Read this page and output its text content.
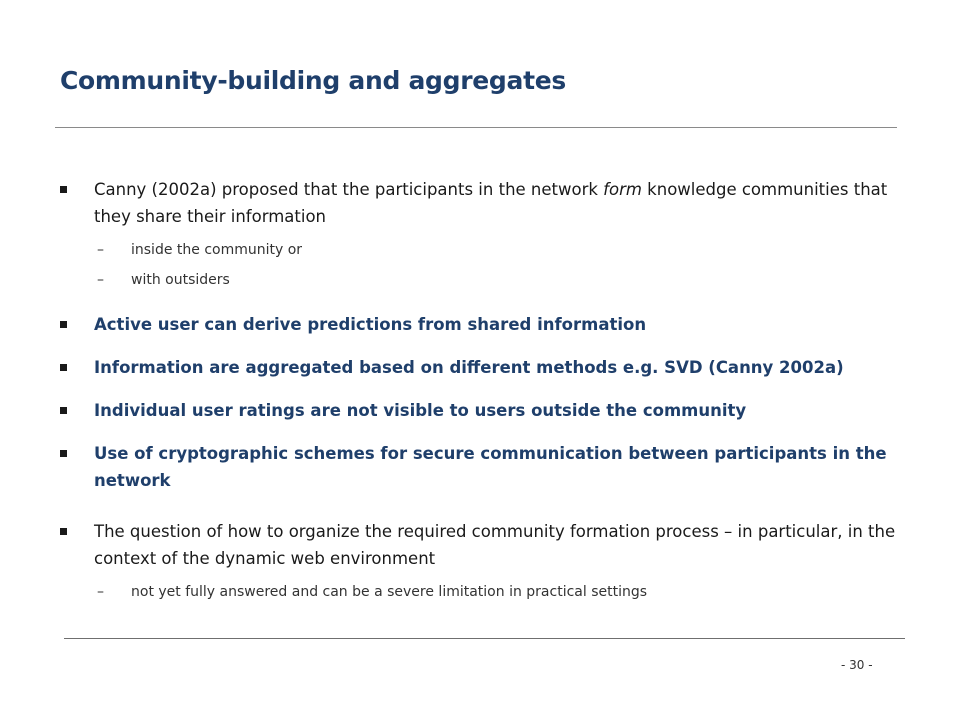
Community-building and aggregates
Canny (2002a) proposed that the participants in the network form knowledge communities that they share their information
– inside the community or
– with outsiders
Active user can derive predictions from shared information
Information are aggregated based on different methods e.g. SVD (Canny 2002a)
Individual user ratings are not visible to users outside the community
Use of cryptographic schemes for secure communication between participants in the network
The question of how to organize the required community formation process – in particular, in the context of the dynamic web environment
– not yet fully answered and can be a severe limitation in practical settings
- 30 -
